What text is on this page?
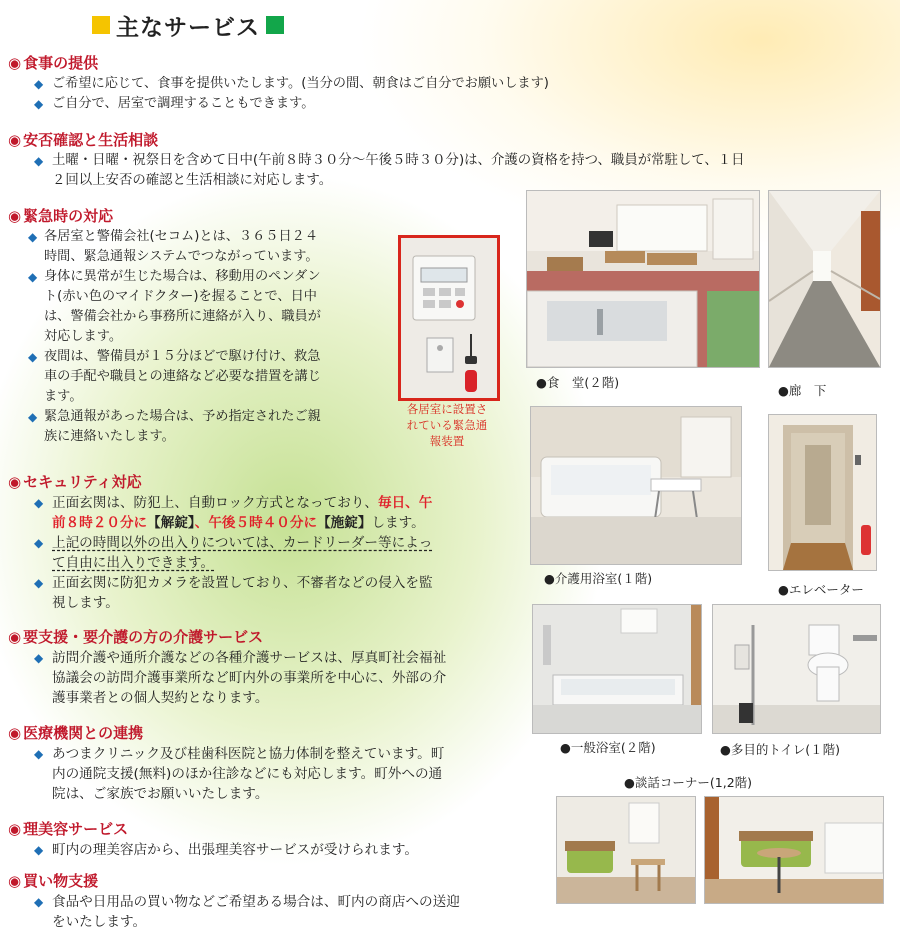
主なサービス
◉ 食事の提供
◆ ご希望に応じて、食事を提供いたします。(当分の間、朝食はご自分でお願いします)
◆ ご自分で、居室で調理することもできます。
◉ 安否確認と生活相談
◆ 土曜・日曜・祝祭日を含めて日中(午前８時３０分～午後５時３０分)は、介護の資格を持つ、職員が常駐して、１日
２回以上安否の確認と生活相談に対応します。
◉ 緊急時の対応
◆ 各居室と警備会社(セコム)とは、３６５日２４
時間、緊急通報システムでつながっています。
◆ 身体に異常が生じた場合は、移動用のペンダン
ト(赤い色のマイドクター)を握ることで、日中
は、警備会社から事務所に連絡が入り、職員が
対応します。
◆ 夜間は、警備員が１５分ほどで駆け付け、救急
車の手配や職員との連絡など必要な措置を講じ
ます。
◆ 緊急通報があった場合は、予め指定されたご親
族に連絡いたします。
各居室に設置されている緊急通報装置
◉ セキュリティ対応
◆ 正面玄関は、防犯上、自動ロック方式となっており、毎日、午
前８時２０分に【解錠】、午後５時４０分に【施錠】します。
◆ 上記の時間以外の出入りについては、カードリーダー等によっ
て自由に出入りできます。
◆ 正面玄関に防犯カメラを設置しており、不審者などの侵入を監
視します。
◉ 要支援・要介護の方の介護サービス
◆ 訪問介護や通所介護などの各種介護サービスは、厚真町社会福祉
協議会の訪問介護事業所など町内外の事業所を中心に、外部の介
護事業者との個人契約となります。
◉ 医療機関との連携
◆ あつまクリニック及び桂歯科医院と協力体制を整えています。町
内の通院支援(無料)のほか往診などにも対応します。町外への通
院は、ご家族でお願いいたします。
◉ 理美容サービス
◆ 町内の理美容店から、出張理美容サービスが受けられます。
◉ 買い物支援
◆ 食品や日用品の買い物などご希望ある場合は、町内の商店への送迎
をいたします。
●食　堂(２階)
●廊　下
●介護用浴室(１階)
●エレベーター
●一般浴室(２階)	●多目的トイレ(１階)
●談話コーナー(1,2階)
